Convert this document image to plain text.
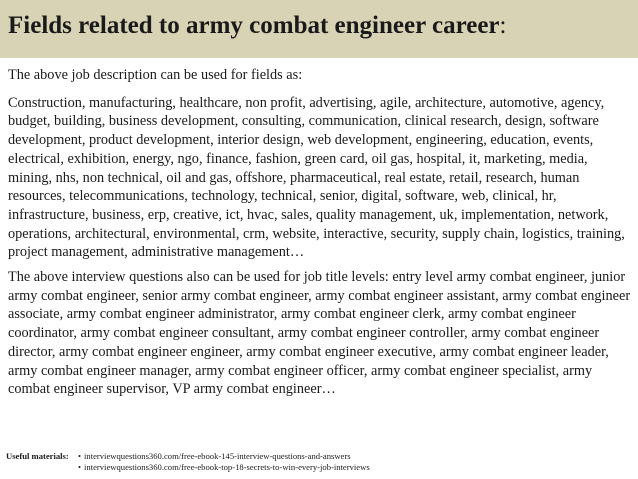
Fields related to army combat engineer career:

The above job description can be used for fields as:

Construction, manufacturing, healthcare, non profit, advertising, agile, architecture, automotive, agency, budget, building, business development, consulting, communication, clinical research, design, software development, product development, interior design, web development, engineering, education, events, electrical, exhibition, energy, ngo, finance, fashion, green card, oil gas, hospital, it, marketing, media, mining, nhs, non technical, oil and gas, offshore, pharmaceutical, real estate, retail, research, human resources, telecommunications, technology, technical, senior, digital, software, web, clinical, hr, infrastructure, business, erp, creative, ict, hvac, sales, quality management, uk, implementation, network, operations, architectural, environmental, crm, website, interactive, security, supply chain, logistics, training, project management, administrative management…

The above interview questions also can be used for job title levels: entry level army combat engineer, junior army combat engineer, senior army combat engineer, army combat engineer assistant, army combat engineer associate, army combat engineer administrator, army combat engineer clerk, army combat engineer coordinator, army combat engineer consultant, army combat engineer controller, army combat engineer director, army combat engineer engineer, army combat engineer executive, army combat engineer leader, army combat engineer manager, army combat engineer officer, army combat engineer specialist, army combat engineer supervisor, VP army combat engineer…

Useful materials:	• interviewquestions360.com/free-ebook-145-interview-questions-and-answers
• interviewquestions360.com/free-ebook-top-18-secrets-to-win-every-job-interviews
